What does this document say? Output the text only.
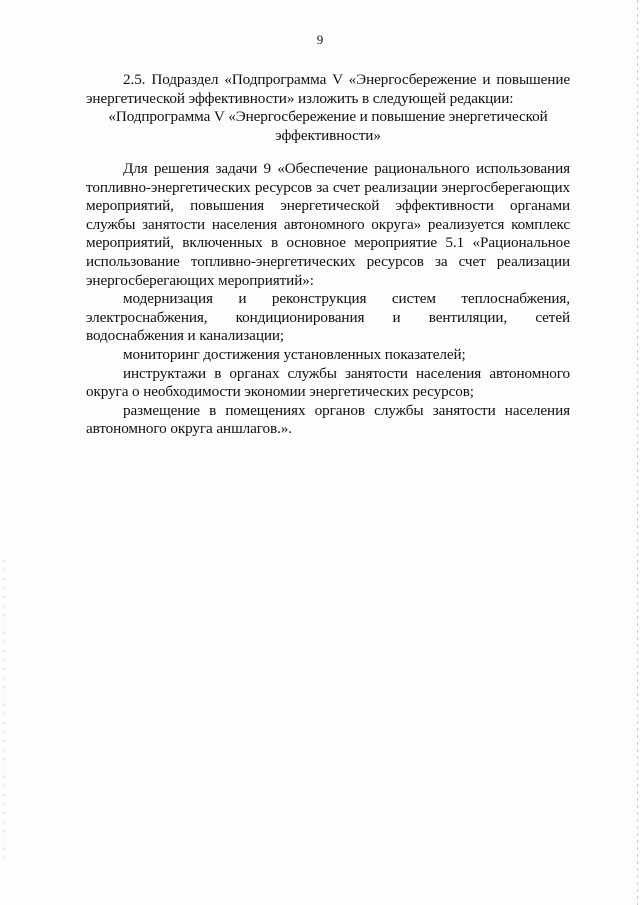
9

2.5. Подраздел «Подпрограмма V «Энергосбережение и повышение энергетической эффективности» изложить в следующей редакции:

«Подпрограмма V «Энергосбережение и повышение энергетической эффективности»

Для решения задачи 9 «Обеспечение рационального использования топливно-энергетических ресурсов за счет реализации энергосберегающих мероприятий, повышения энергетической эффективности органами службы занятости населения автономного округа» реализуется комплекс мероприятий, включенных в основное мероприятие 5.1 «Рациональное использование топливно-энергетических ресурсов за счет реализации энергосберегающих мероприятий»:

модернизация и реконструкция систем теплоснабжения, электроснабжения, кондиционирования и вентиляции, сетей водоснабжения и канализации;

мониторинг достижения установленных показателей;

инструктажи в органах службы занятости населения автономного округа о необходимости экономии энергетических ресурсов;

размещение в помещениях органов службы занятости населения автономного округа аншлагов.».
